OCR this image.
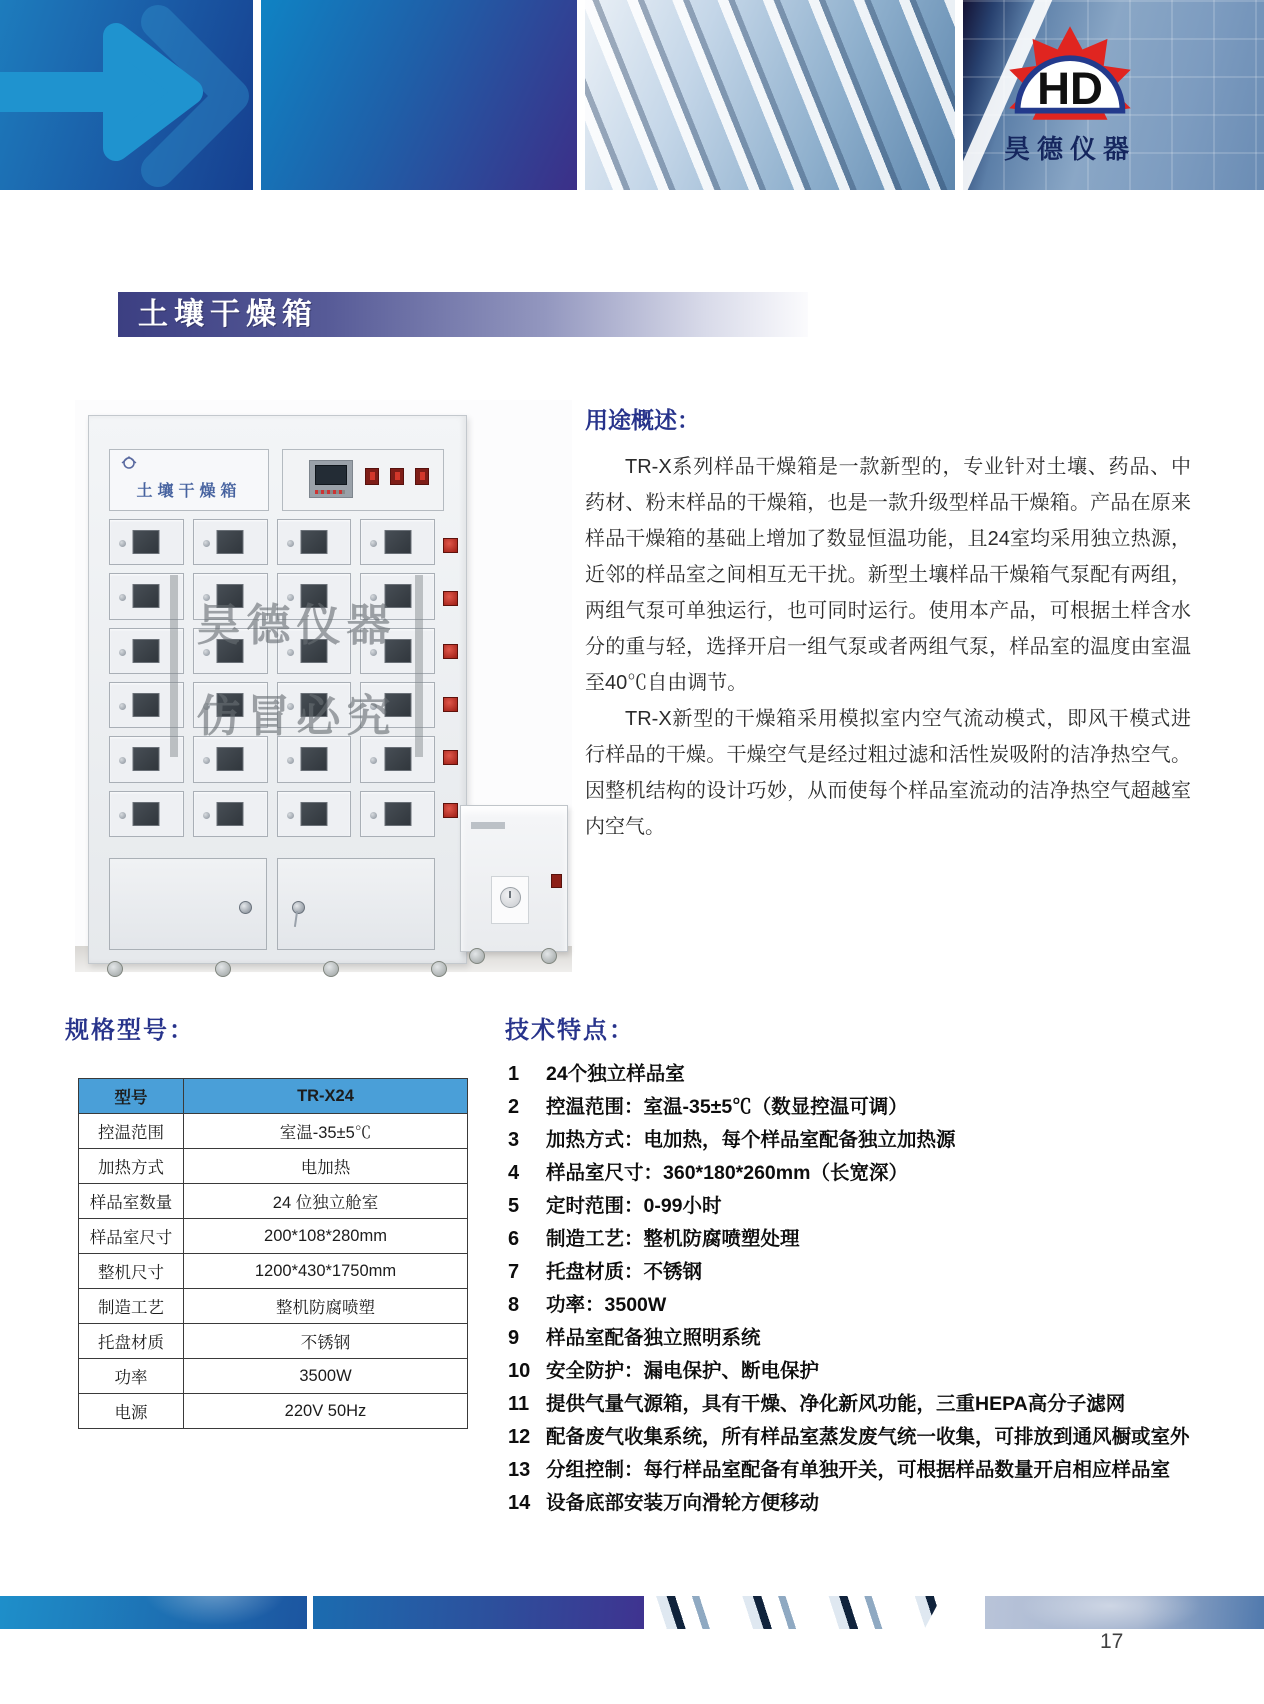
HD
昊德仪器
土壤干燥箱
土壤干燥箱
昊德仪器
仿冒必究
用途概述：

TR-X系列样品干燥箱是一款新型的，专业针对土壤、药品、中药材、粉末样品的干燥箱，也是一款升级型样品干燥箱。产品在原来样品干燥箱的基础上增加了数显恒温功能，且24室均采用独立热源，近邻的样品室之间相互无干扰。新型土壤样品干燥箱气泵配有两组，两组气泵可单独运行，也可同时运行。使用本产品，可根据土样含水分的重与轻，选择开启一组气泵或者两组气泵，样品室的温度由室温至40℃自由调节。

TR-X新型的干燥箱采用模拟室内空气流动模式，即风干模式进行样品的干燥。干燥空气是经过粗过滤和活性炭吸附的洁净热空气。因整机结构的设计巧妙，从而使每个样品室流动的洁净热空气超越室内空气。

规格型号：
型号	TR-X24
控温范围	室温-35±5℃
加热方式	电加热
样品室数量	24 位独立舱室
样品室尺寸	200*108*280mm
整机尺寸	1200*430*1750mm
制造工艺	整机防腐喷塑
托盘材质	不锈钢
功率	3500W
电源	220V 50Hz
技术特点：
1	24个独立样品室
2	控温范围：室温-35±5℃（数显控温可调）
3	加热方式：电加热，每个样品室配备独立加热源
4	样品室尺寸：360*180*260mm（长宽深）
5	定时范围：0-99小时
6	制造工艺：整机防腐喷塑处理
7	托盘材质：不锈钢
8	功率：3500W
9	样品室配备独立照明系统
10 安全防护：漏电保护、断电保护
11 提供气量气源箱，具有干燥、净化新风功能，三重HEPA高分子滤网
12 配备废气收集系统，所有样品室蒸发废气统一收集，可排放到通风橱或室外
13 分组控制：每行样品室配备有单独开关，可根据样品数量开启相应样品室
14 设备底部安装万向滑轮方便移动
17
